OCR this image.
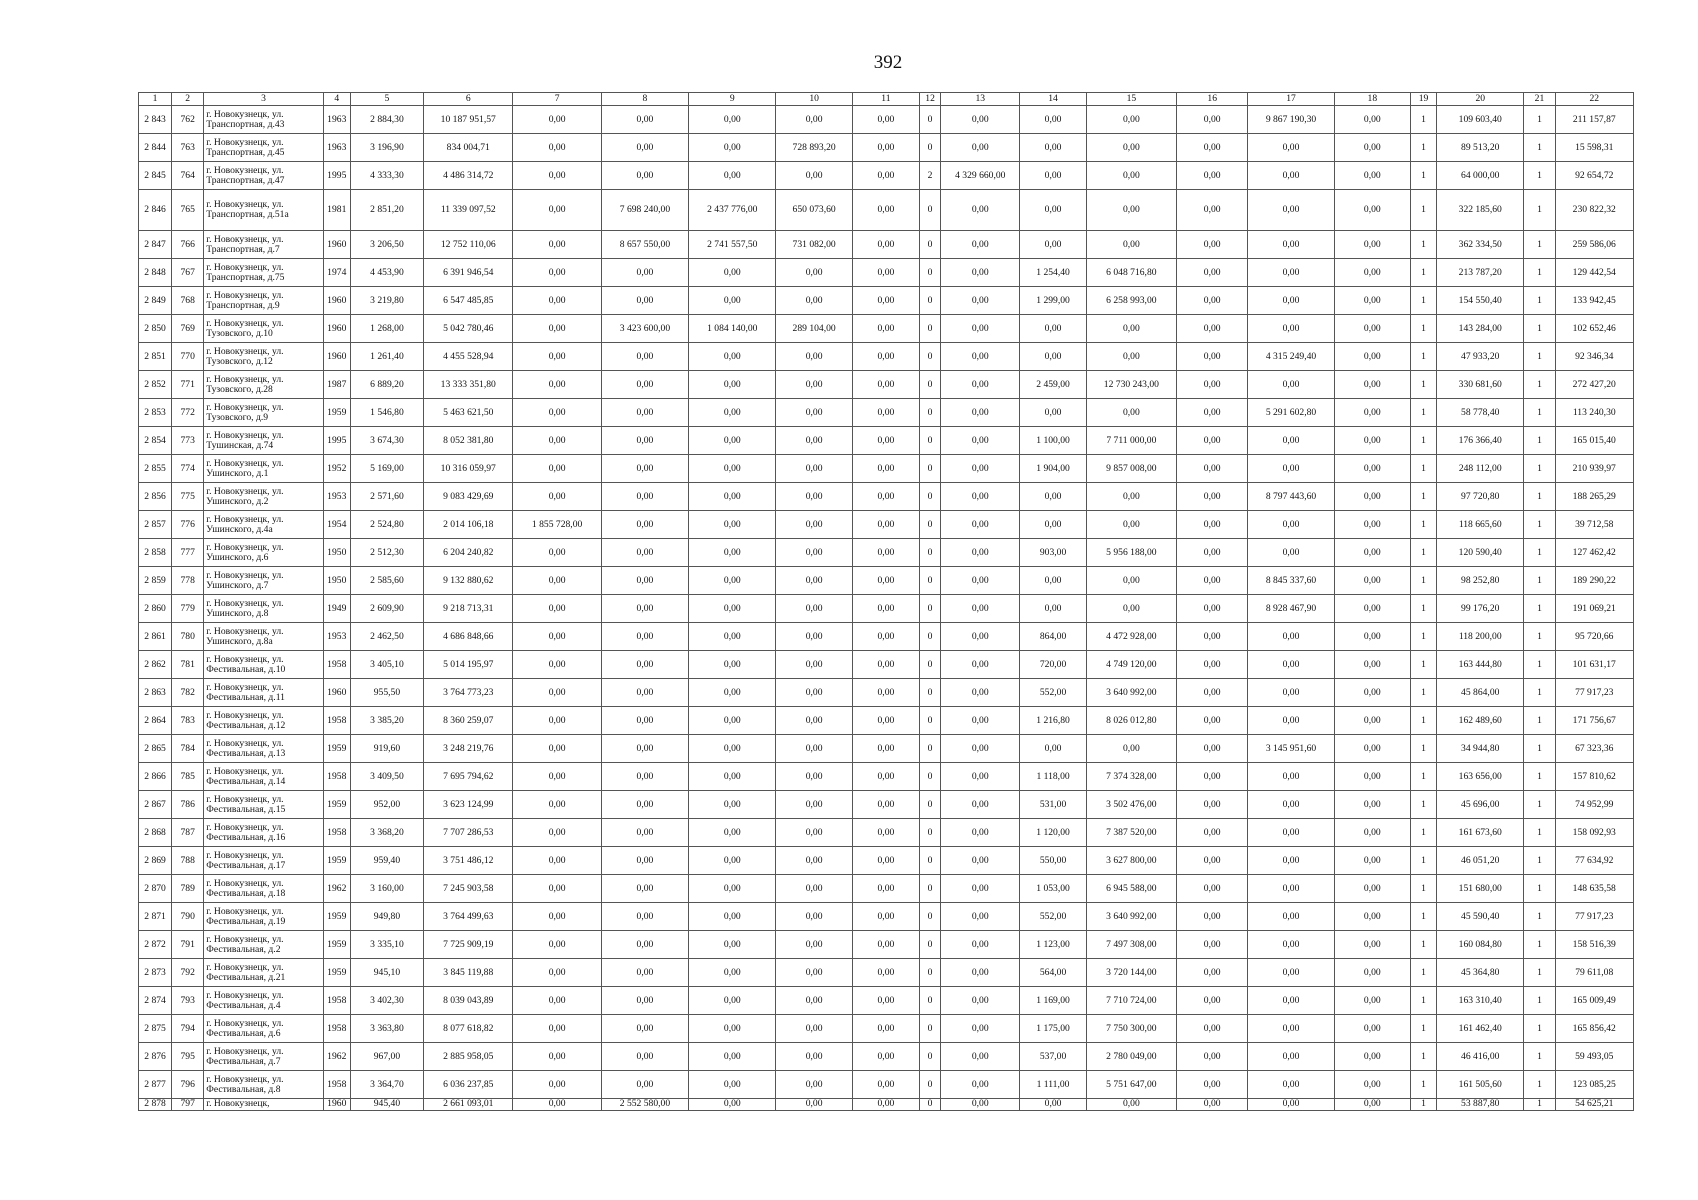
392
1	2	3	4	5	6	7	8	9	10	11	12	13	14	15	16	17	18	19	20	21	22
2 843	762	г. Новокузнецк, ул. Транспортная, д.43	1963	2 884,30	10 187 951,57	0,00	0,00	0,00	0,00	0,00	0	0,00	0,00	0,00	0,00	9 867 190,30	0,00	1	109 603,40	1	211 157,87
2 844	763	г. Новокузнецк, ул. Транспортная, д.45	1963	3 196,90	834 004,71	0,00	0,00	0,00	728 893,20	0,00	0	0,00	0,00	0,00	0,00	0,00	0,00	1	89 513,20	1	15 598,31
2 845	764	г. Новокузнецк, ул. Транспортная, д.47	1995	4 333,30	4 486 314,72	0,00	0,00	0,00	0,00	0,00	2	4 329 660,00	0,00	0,00	0,00	0,00	0,00	1	64 000,00	1	92 654,72
2 846	765	г. Новокузнецк, ул. Транспортная, д.51а	1981	2 851,20	11 339 097,52	0,00	7 698 240,00	2 437 776,00	650 073,60	0,00	0	0,00	0,00	0,00	0,00	0,00	0,00	1	322 185,60	1	230 822,32
2 847	766	г. Новокузнецк, ул. Транспортная, д.7	1960	3 206,50	12 752 110,06	0,00	8 657 550,00	2 741 557,50	731 082,00	0,00	0	0,00	0,00	0,00	0,00	0,00	0,00	1	362 334,50	1	259 586,06
2 848	767	г. Новокузнецк, ул. Транспортная, д.75	1974	4 453,90	6 391 946,54	0,00	0,00	0,00	0,00	0,00	0	0,00	1 254,40	6 048 716,80	0,00	0,00	0,00	1	213 787,20	1	129 442,54
2 849	768	г. Новокузнецк, ул. Транспортная, д.9	1960	3 219,80	6 547 485,85	0,00	0,00	0,00	0,00	0,00	0	0,00	1 299,00	6 258 993,00	0,00	0,00	0,00	1	154 550,40	1	133 942,45
2 850	769	г. Новокузнецк, ул. Тузовского, д.10	1960	1 268,00	5 042 780,46	0,00	3 423 600,00	1 084 140,00	289 104,00	0,00	0	0,00	0,00	0,00	0,00	0,00	0,00	1	143 284,00	1	102 652,46
2 851	770	г. Новокузнецк, ул. Тузовского, д.12	1960	1 261,40	4 455 528,94	0,00	0,00	0,00	0,00	0,00	0	0,00	0,00	0,00	0,00	4 315 249,40	0,00	1	47 933,20	1	92 346,34
2 852	771	г. Новокузнецк, ул. Тузовского, д.28	1987	6 889,20	13 333 351,80	0,00	0,00	0,00	0,00	0,00	0	0,00	2 459,00	12 730 243,00	0,00	0,00	0,00	1	330 681,60	1	272 427,20
2 853	772	г. Новокузнецк, ул. Тузовского, д.9	1959	1 546,80	5 463 621,50	0,00	0,00	0,00	0,00	0,00	0	0,00	0,00	0,00	0,00	5 291 602,80	0,00	1	58 778,40	1	113 240,30
2 854	773	г. Новокузнецк, ул. Тушинская, д.74	1995	3 674,30	8 052 381,80	0,00	0,00	0,00	0,00	0,00	0	0,00	1 100,00	7 711 000,00	0,00	0,00	0,00	1	176 366,40	1	165 015,40
2 855	774	г. Новокузнецк, ул. Ушинского, д.1	1952	5 169,00	10 316 059,97	0,00	0,00	0,00	0,00	0,00	0	0,00	1 904,00	9 857 008,00	0,00	0,00	0,00	1	248 112,00	1	210 939,97
2 856	775	г. Новокузнецк, ул. Ушинского, д.2	1953	2 571,60	9 083 429,69	0,00	0,00	0,00	0,00	0,00	0	0,00	0,00	0,00	0,00	8 797 443,60	0,00	1	97 720,80	1	188 265,29
2 857	776	г. Новокузнецк, ул. Ушинского, д.4а	1954	2 524,80	2 014 106,18	1 855 728,00	0,00	0,00	0,00	0,00	0	0,00	0,00	0,00	0,00	0,00	0,00	1	118 665,60	1	39 712,58
2 858	777	г. Новокузнецк, ул. Ушинского, д.6	1950	2 512,30	6 204 240,82	0,00	0,00	0,00	0,00	0,00	0	0,00	903,00	5 956 188,00	0,00	0,00	0,00	1	120 590,40	1	127 462,42
2 859	778	г. Новокузнецк, ул. Ушинского, д.7	1950	2 585,60	9 132 880,62	0,00	0,00	0,00	0,00	0,00	0	0,00	0,00	0,00	0,00	8 845 337,60	0,00	1	98 252,80	1	189 290,22
2 860	779	г. Новокузнецк, ул. Ушинского, д.8	1949	2 609,90	9 218 713,31	0,00	0,00	0,00	0,00	0,00	0	0,00	0,00	0,00	0,00	8 928 467,90	0,00	1	99 176,20	1	191 069,21
2 861	780	г. Новокузнецк, ул. Ушинского, д.8а	1953	2 462,50	4 686 848,66	0,00	0,00	0,00	0,00	0,00	0	0,00	864,00	4 472 928,00	0,00	0,00	0,00	1	118 200,00	1	95 720,66
2 862	781	г. Новокузнецк, ул. Фестивальная, д.10	1958	3 405,10	5 014 195,97	0,00	0,00	0,00	0,00	0,00	0	0,00	720,00	4 749 120,00	0,00	0,00	0,00	1	163 444,80	1	101 631,17
2 863	782	г. Новокузнецк, ул. Фестивальная, д.11	1960	955,50	3 764 773,23	0,00	0,00	0,00	0,00	0,00	0	0,00	552,00	3 640 992,00	0,00	0,00	0,00	1	45 864,00	1	77 917,23
2 864	783	г. Новокузнецк, ул. Фестивальная, д.12	1958	3 385,20	8 360 259,07	0,00	0,00	0,00	0,00	0,00	0	0,00	1 216,80	8 026 012,80	0,00	0,00	0,00	1	162 489,60	1	171 756,67
2 865	784	г. Новокузнецк, ул. Фестивальная, д.13	1959	919,60	3 248 219,76	0,00	0,00	0,00	0,00	0,00	0	0,00	0,00	0,00	0,00	3 145 951,60	0,00	1	34 944,80	1	67 323,36
2 866	785	г. Новокузнецк, ул. Фестивальная, д.14	1958	3 409,50	7 695 794,62	0,00	0,00	0,00	0,00	0,00	0	0,00	1 118,00	7 374 328,00	0,00	0,00	0,00	1	163 656,00	1	157 810,62
2 867	786	г. Новокузнецк, ул. Фестивальная, д.15	1959	952,00	3 623 124,99	0,00	0,00	0,00	0,00	0,00	0	0,00	531,00	3 502 476,00	0,00	0,00	0,00	1	45 696,00	1	74 952,99
2 868	787	г. Новокузнецк, ул. Фестивальная, д.16	1958	3 368,20	7 707 286,53	0,00	0,00	0,00	0,00	0,00	0	0,00	1 120,00	7 387 520,00	0,00	0,00	0,00	1	161 673,60	1	158 092,93
2 869	788	г. Новокузнецк, ул. Фестивальная, д.17	1959	959,40	3 751 486,12	0,00	0,00	0,00	0,00	0,00	0	0,00	550,00	3 627 800,00	0,00	0,00	0,00	1	46 051,20	1	77 634,92
2 870	789	г. Новокузнецк, ул. Фестивальная, д.18	1962	3 160,00	7 245 903,58	0,00	0,00	0,00	0,00	0,00	0	0,00	1 053,00	6 945 588,00	0,00	0,00	0,00	1	151 680,00	1	148 635,58
2 871	790	г. Новокузнецк, ул. Фестивальная, д.19	1959	949,80	3 764 499,63	0,00	0,00	0,00	0,00	0,00	0	0,00	552,00	3 640 992,00	0,00	0,00	0,00	1	45 590,40	1	77 917,23
2 872	791	г. Новокузнецк, ул. Фестивальная, д.2	1959	3 335,10	7 725 909,19	0,00	0,00	0,00	0,00	0,00	0	0,00	1 123,00	7 497 308,00	0,00	0,00	0,00	1	160 084,80	1	158 516,39
2 873	792	г. Новокузнецк, ул. Фестивальная, д.21	1959	945,10	3 845 119,88	0,00	0,00	0,00	0,00	0,00	0	0,00	564,00	3 720 144,00	0,00	0,00	0,00	1	45 364,80	1	79 611,08
2 874	793	г. Новокузнецк, ул. Фестивальная, д.4	1958	3 402,30	8 039 043,89	0,00	0,00	0,00	0,00	0,00	0	0,00	1 169,00	7 710 724,00	0,00	0,00	0,00	1	163 310,40	1	165 009,49
2 875	794	г. Новокузнецк, ул. Фестивальная, д.6	1958	3 363,80	8 077 618,82	0,00	0,00	0,00	0,00	0,00	0	0,00	1 175,00	7 750 300,00	0,00	0,00	0,00	1	161 462,40	1	165 856,42
2 876	795	г. Новокузнецк, ул. Фестивальная, д.7	1962	967,00	2 885 958,05	0,00	0,00	0,00	0,00	0,00	0	0,00	537,00	2 780 049,00	0,00	0,00	0,00	1	46 416,00	1	59 493,05
2 877	796	г. Новокузнецк, ул. Фестивальная, д.8	1958	3 364,70	6 036 237,85	0,00	0,00	0,00	0,00	0,00	0	0,00	1 111,00	5 751 647,00	0,00	0,00	0,00	1	161 505,60	1	123 085,25
2 878	797	г. Новокузнецк,	1960	945,40	2 661 093,01	0,00	2 552 580,00	0,00	0,00	0,00	0	0,00	0,00	0,00	0,00	0,00	0,00	1	53 887,80	1	54 625,21
